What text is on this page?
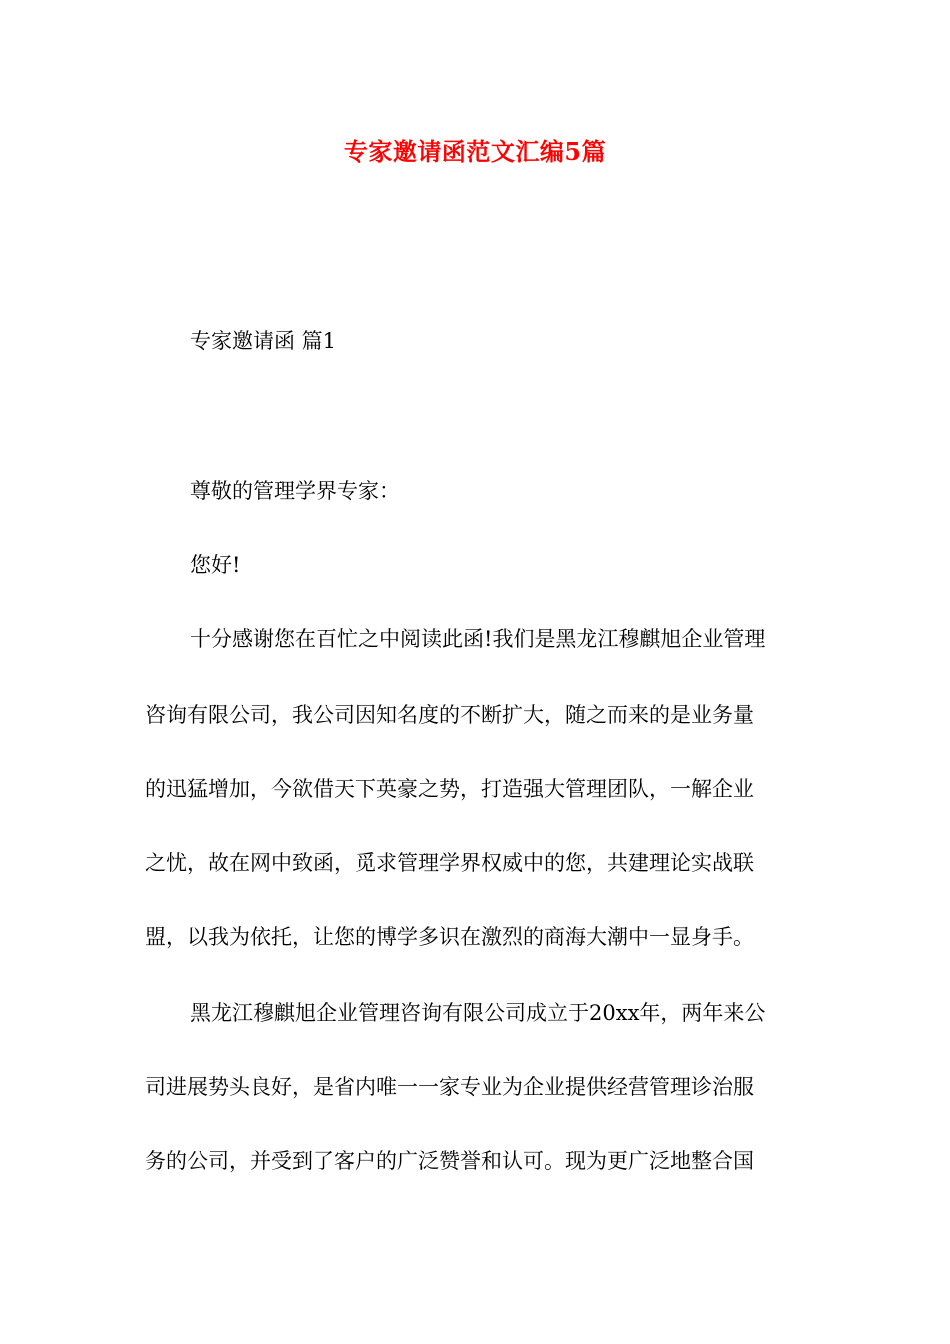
专家邀请函范文汇编5篇
专家邀请函 篇1
尊敬的管理学界专家：
您好!
十分感谢您在百忙之中阅读此函!我们是黑龙江穆麒旭企业管理
咨询有限公司，我公司因知名度的不断扩大，随之而来的是业务量
的迅猛增加，今欲借天下英豪之势，打造强大管理团队，一解企业
之忧，故在网中致函，觅求管理学界权威中的您，共建理论实战联
盟，以我为依托，让您的博学多识在激烈的商海大潮中一显身手。
黑龙江穆麒旭企业管理咨询有限公司成立于20xx年，两年来公
司进展势头良好，是省内唯一一家专业为企业提供经营管理诊治服
务的公司，并受到了客户的广泛赞誉和认可。现为更广泛地整合国
